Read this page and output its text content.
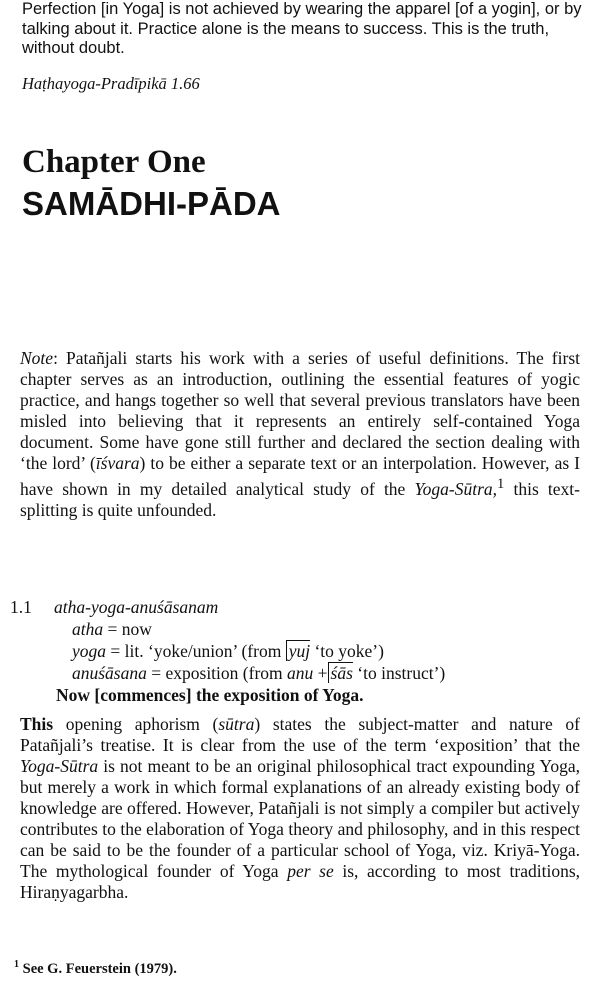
Perfection [in Yoga] is not achieved by wearing the apparel [of a yogin], or by talking about it. Practice alone is the means to success. This is the truth, without doubt.

Haṭhayoga-Pradīpikā 1.66

Chapter One
SAMĀDHI-PĀDA

Note: Patañjali starts his work with a series of useful definitions. The first chapter serves as an introduction, outlining the essential features of yogic practice, and hangs together so well that several previous translators have been misled into believing that it represents an entirely self-contained Yoga document. Some have gone still further and declared the section dealing with ‘the lord’ (īśvara) to be either a separate text or an interpolation. However, as I have shown in my detailed analytical study of the Yoga-Sūtra,$^1$ this text-splitting is quite unfounded.

1.1 atha-yoga-anuśāsanam
atha = now
yoga = lit. ‘yoke/union’ (from yuj ‘to yoke’)
anuśāsana = exposition (from anu + śās ‘to instruct’)
Now [commences] the exposition of Yoga.

This opening aphorism (sūtra) states the subject-matter and nature of Patañjali’s treatise. It is clear from the use of the term ‘exposition’ that the Yoga-Sūtra is not meant to be an original philosophical tract expounding Yoga, but merely a work in which formal explanations of an already existing body of knowledge are offered. However, Patañjali is not simply a compiler but actively contributes to the elaboration of Yoga theory and philosophy, and in this respect can be said to be the founder of a particular school of Yoga, viz. Kriyā-Yoga. The mythological founder of Yoga per se is, according to most traditions, Hiraṇyagarbha.

$^1$ See G. Feuerstein (1979).
